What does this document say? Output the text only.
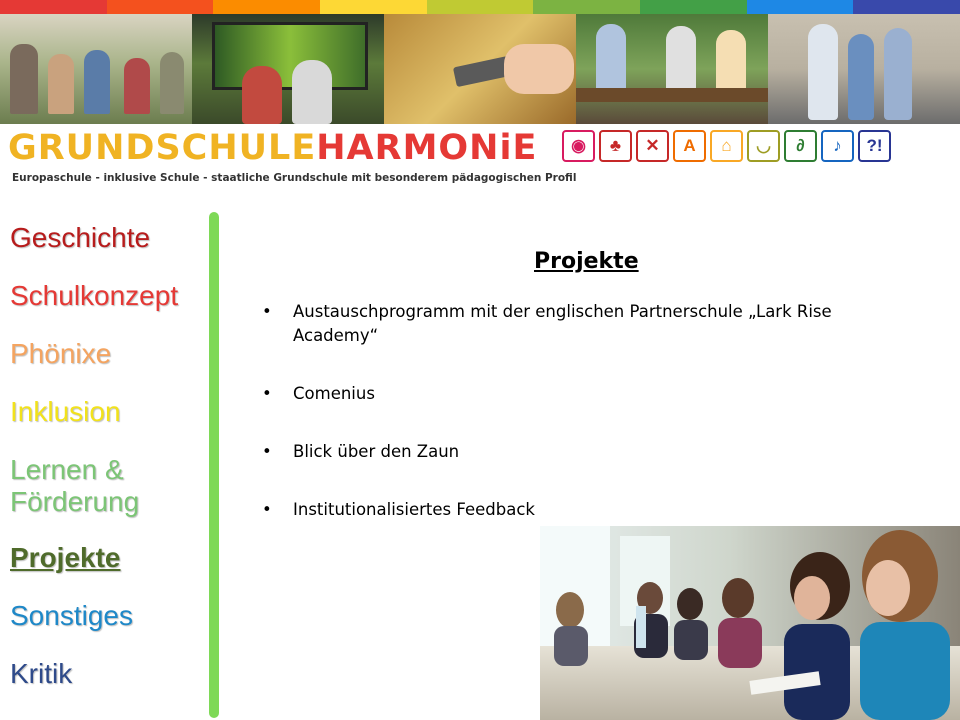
GRUNDSCHULEHARMONiE
Europaschule - inklusive Schule - staatliche Grundschule mit besonderem pädagogischen Profil
◉	♣	✕	A	⌂	◡	∂	♪	?!
Geschichte
Schulkonzept
Phönixe
Inklusion
Lernen & Förderung
Projekte
Sonstiges
Kritik
Projekte
• Austauschprogramm mit der englischen Partnerschule „Lark Rise Academy“
• Comenius
• Blick über den Zaun
• Institutionalisiertes Feedback
